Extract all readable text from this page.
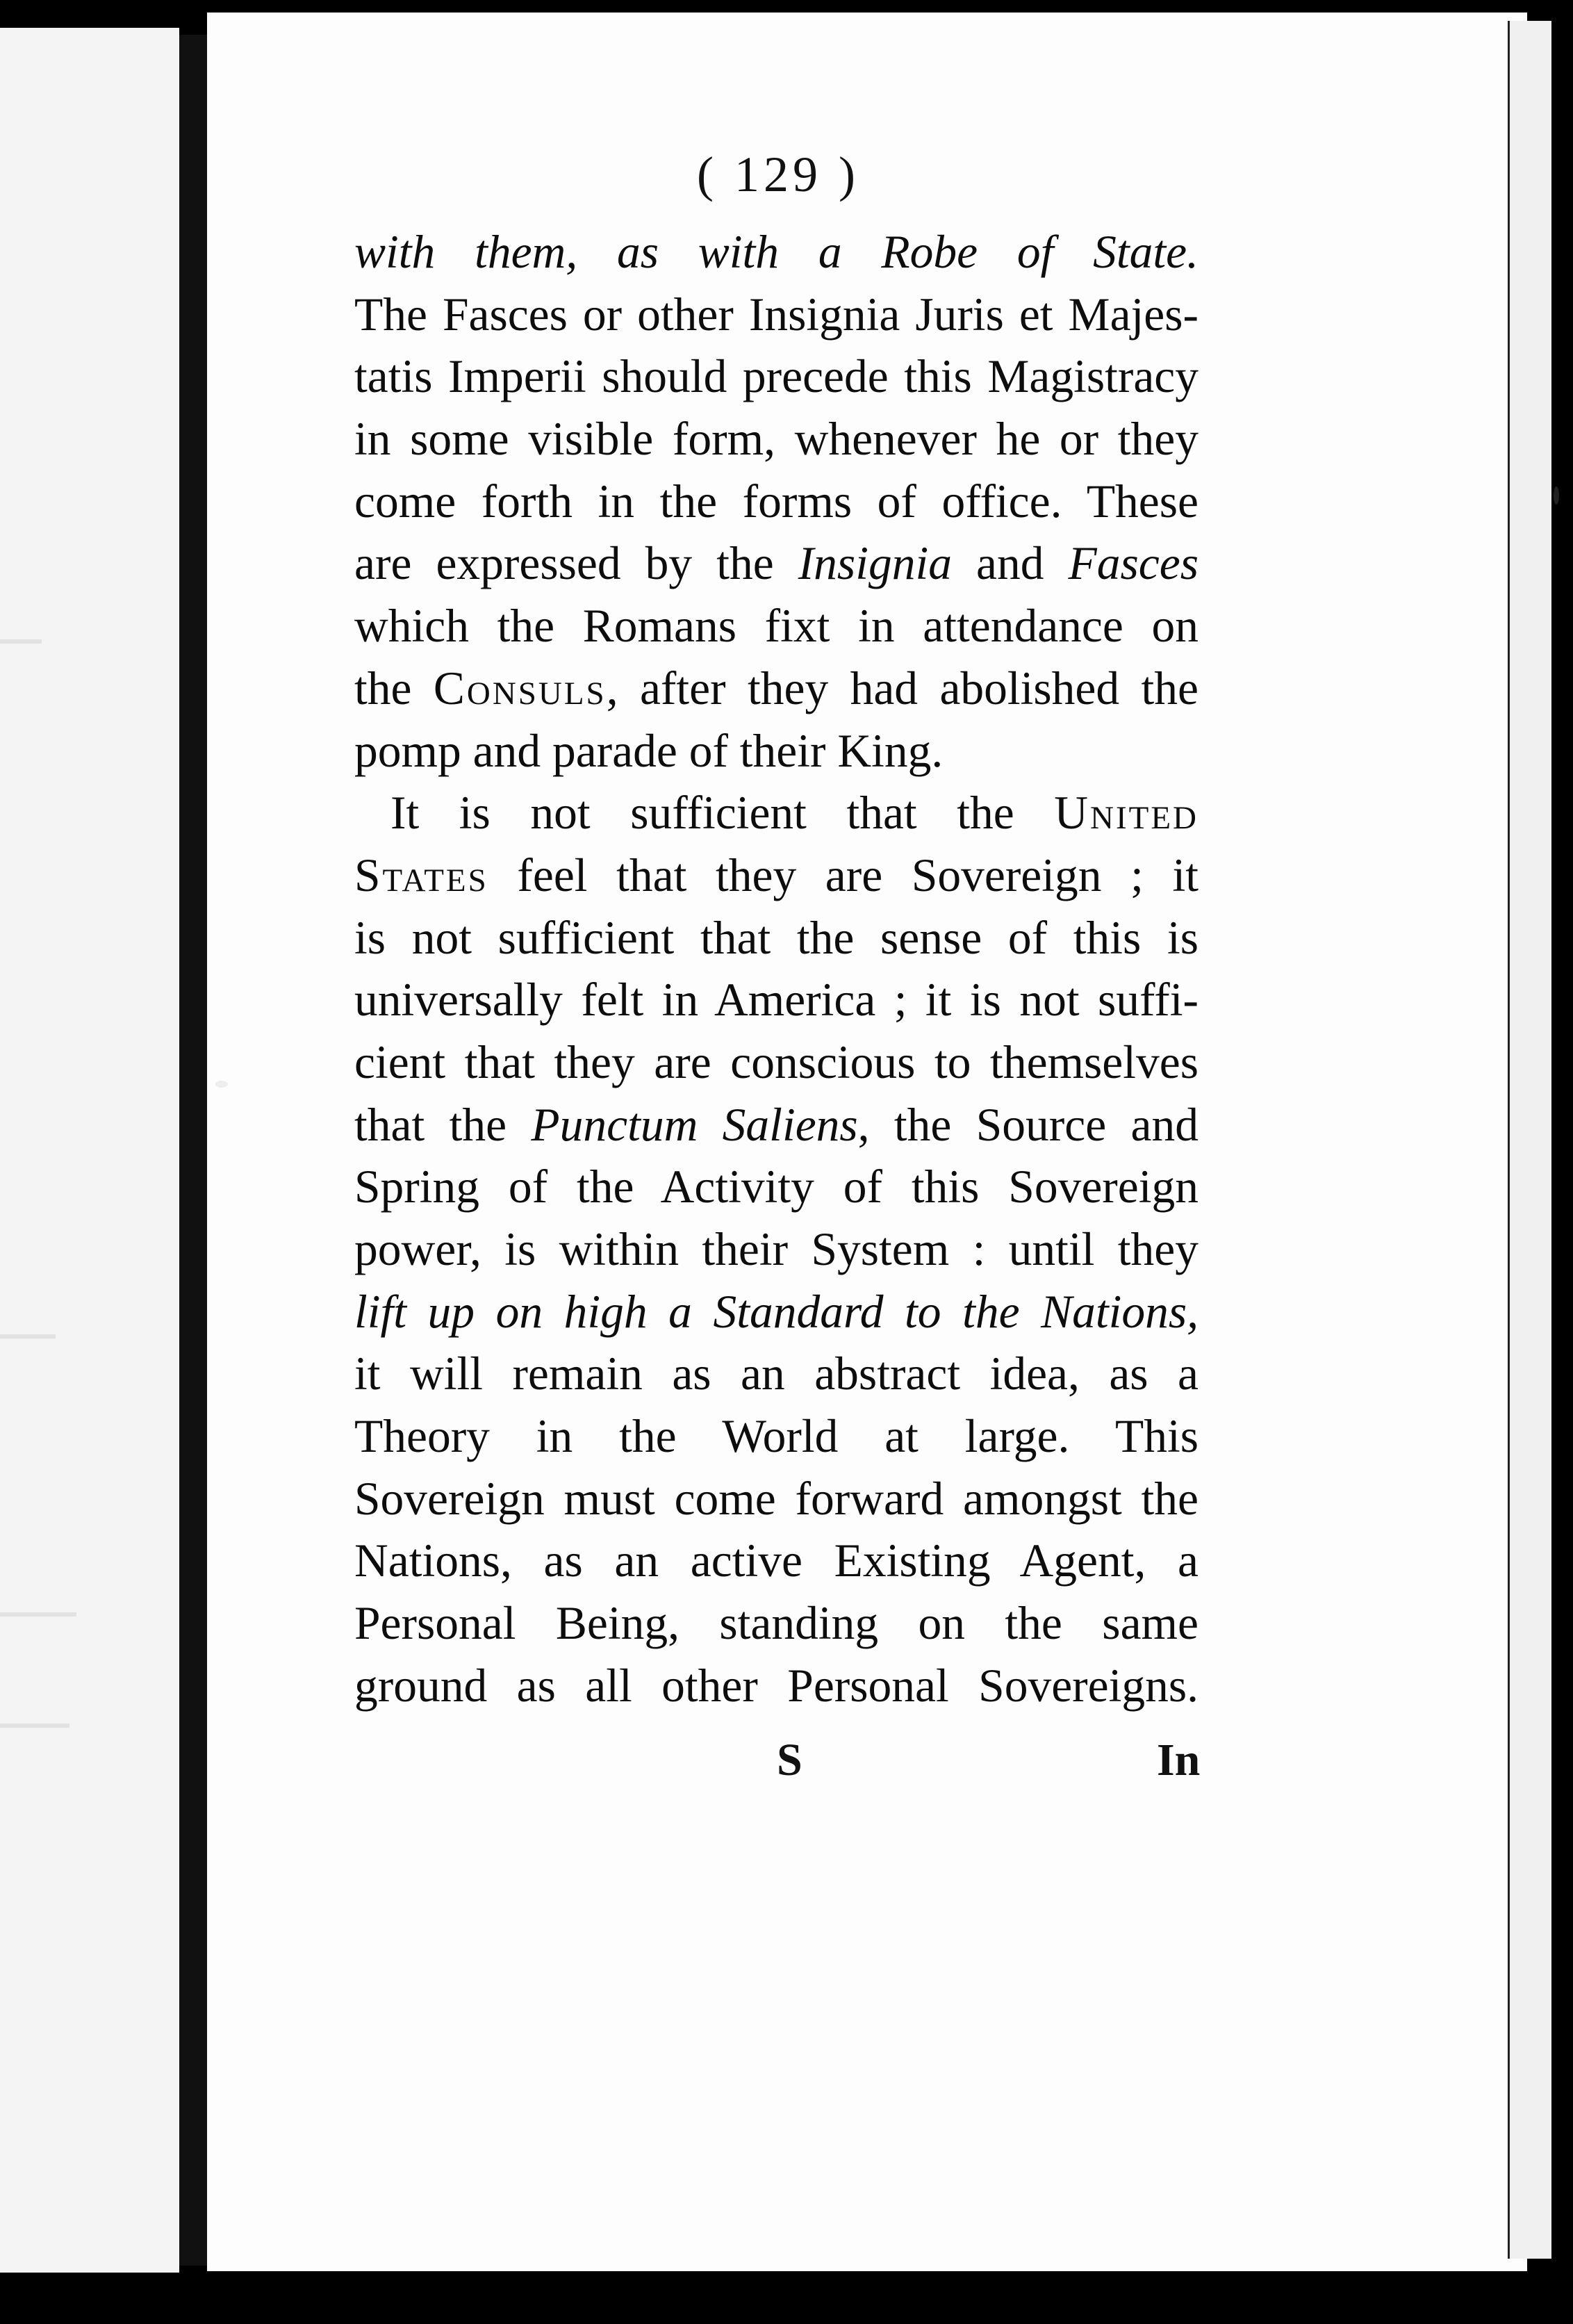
( 129 )
with them, as with a Robe of State.
The Fasces or other Insignia Juris et Majes-
tatis Imperii should precede this Magistracy
in some visible form, whenever he or they
come forth in the forms of office. These
are expressed by the Insignia and Fasces
which the Romans fixt in attendance on
the Consuls, after they had abolished the
pomp and parade of their King.
It is not sufficient that the United
States feel that they are Sovereign ; it
is not sufficient that the sense of this is
universally felt in America ; it is not suffi-
cient that they are conscious to themselves
that the Punctum Saliens, the Source and
Spring of the Activity of this Sovereign
power, is within their System : until they
lift up on high a Standard to the Nations,
it will remain as an abstract idea, as a
Theory in the World at large. This
Sovereign must come forward amongst the
Nations, as an active Existing Agent, a
Personal Being, standing on the same
ground as all other Personal Sovereigns.
S	In
